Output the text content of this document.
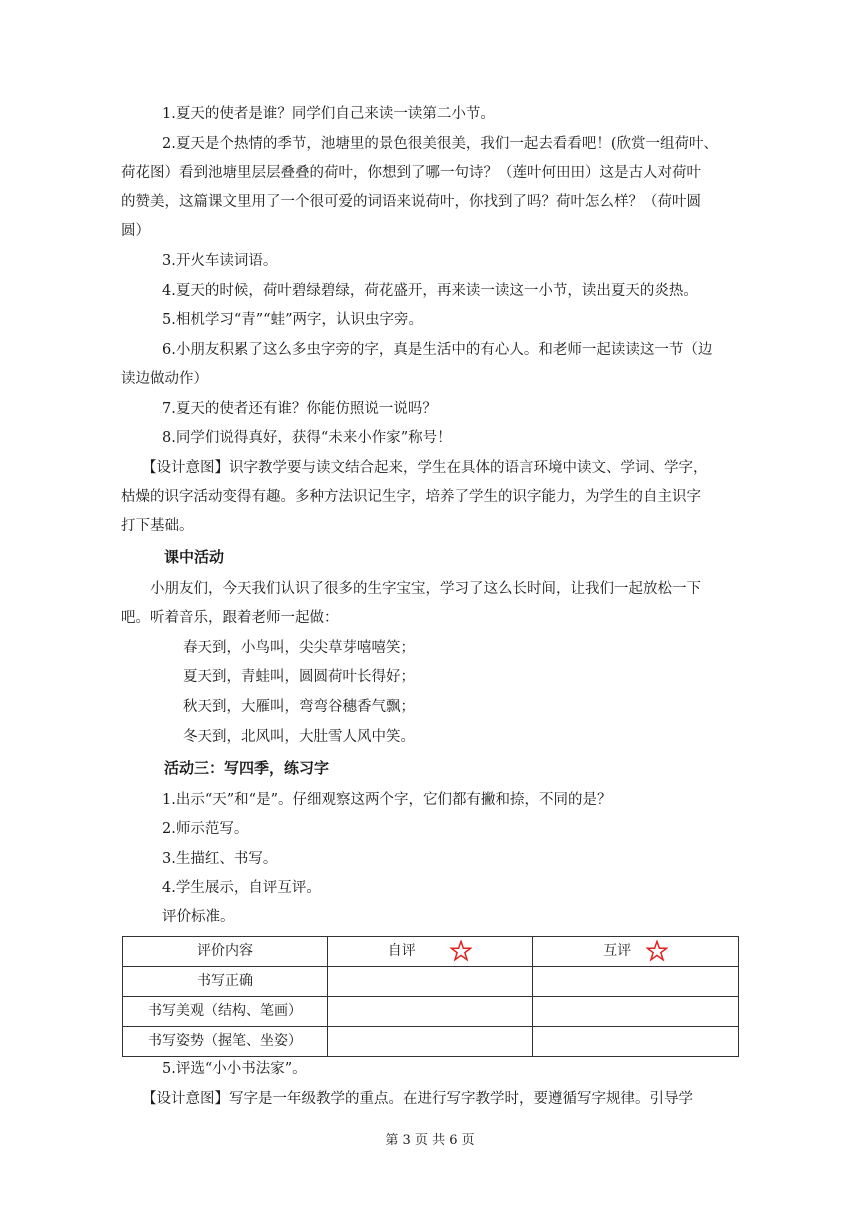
1.夏天的使者是谁？同学们自己来读一读第二小节。
2.夏天是个热情的季节，池塘里的景色很美很美，我们一起去看看吧！(欣赏一组荷叶、
荷花图）看到池塘里层层叠叠的荷叶，你想到了哪一句诗？（莲叶何田田）这是古人对荷叶
的赞美，这篇课文里用了一个很可爱的词语来说荷叶，你找到了吗？荷叶怎么样？（荷叶圆
圆）
3.开火车读词语。
4.夏天的时候，荷叶碧绿碧绿，荷花盛开，再来读一读这一小节，读出夏天的炎热。
5.相机学习“青”“蛙”两字，认识虫字旁。
6.小朋友积累了这么多虫字旁的字，真是生活中的有心人。和老师一起读读这一节（边
读边做动作）
7.夏天的使者还有谁？你能仿照说一说吗？
8.同学们说得真好，获得“未来小作家”称号！
【设计意图】识字教学要与读文结合起来，学生在具体的语言环境中读文、学词、学字，
枯燥的识字活动变得有趣。多种方法识记生字，培养了学生的识字能力，为学生的自主识字
打下基础。
课中活动
小朋友们，今天我们认识了很多的生字宝宝，学习了这么长时间，让我们一起放松一下
吧。听着音乐，跟着老师一起做：
春天到，小鸟叫，尖尖草芽嘻嘻笑；
夏天到，青蛙叫，圆圆荷叶长得好；
秋天到，大雁叫，弯弯谷穗香气飘；
冬天到，北风叫，大肚雪人风中笑。
活动三：写四季，练习字
1.出示“天”和“是”。仔细观察这两个字，它们都有撇和捺，不同的是？
2.师示范写。
3.生描红、书写。
4.学生展示，自评互评。
评价标准。
评价内容	自评	互评
书写正确		
书写美观（结构、笔画）		
书写姿势（握笔、坐姿）		
5.评选“小小书法家”。
【设计意图】写字是一年级教学的重点。在进行写字教学时，要遵循写字规律。引导学
第 3 页 共 6 页
